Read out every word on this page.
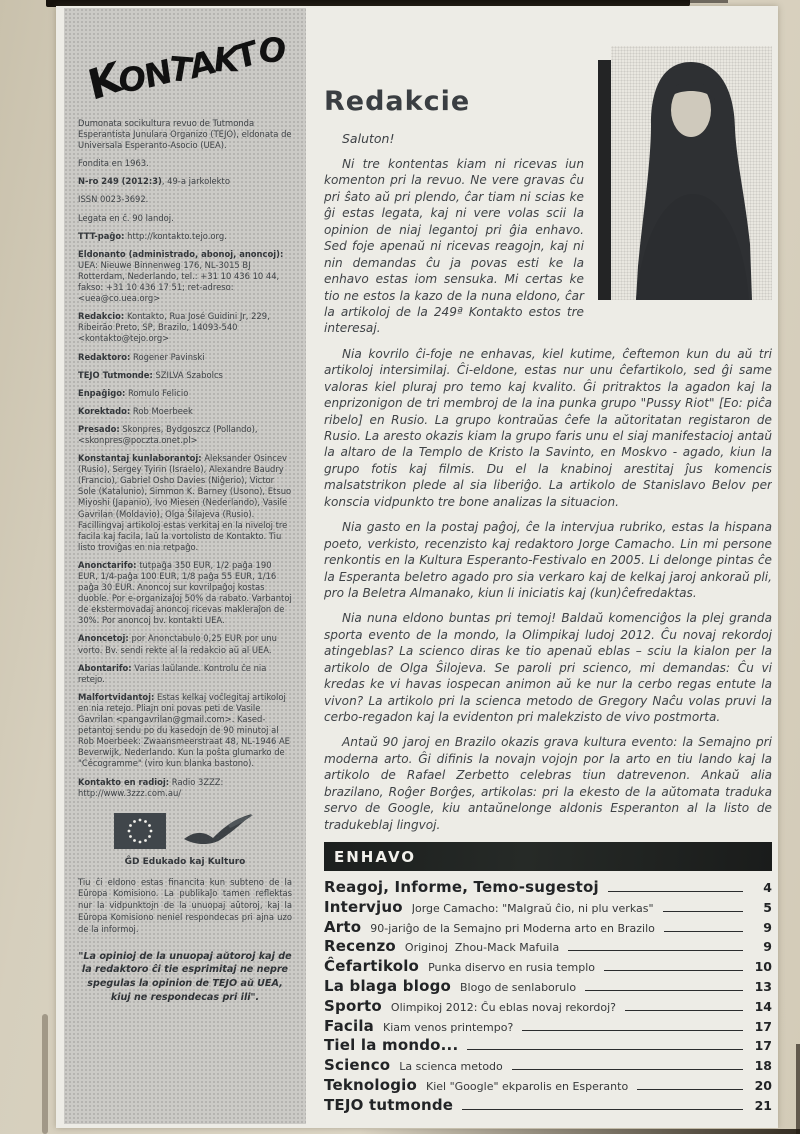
KONTAKTO

Dumonata socikultura revuo de Tutmonda Esperantista Junulara Organizo (TEJO), eldonata de Universala Esperanto-Asocio (UEA).

Fondita en 1963.

N-ro 249 (2012:3), 49-a jarkolekto

ISSN 0023-3692.

Legata en ĉ. 90 landoj.

TTT-paĝo: http://kontakto.tejo.org.

Eldonanto (administrado, abonoj, anoncoj): UEA: Nieuwe Binnenweg 176, NL-3015 BJ Rotterdam, Nederlando, tel.: +31 10 436 10 44, fakso: +31 10 436 17 51; ret-adreso: <uea@co.uea.org>

Redakcio: Kontakto, Rua José Guidini Jr, 229, Ribeirão Preto, SP, Brazilo, 14093-540 <kontakto@tejo.org>

Redaktoro: Rogener Pavinski

TEJO Tutmonde: SZILVA Szabolcs

Enpaĝigo: Romulo Felicio

Korektado: Rob Moerbeek

Presado: Skonpres, Bydgoszcz (Pollando), <skonpres@poczta.onet.pl>

Konstantaj kunlaborantoj: Aleksander Osincev (Rusio), Sergey Tyirin (Israelo), Alexandre Baudry (Francio), Gabriel Osho Davies (Niĝerio), Victor Sole (Katalunio), Simmon K. Barney (Usono), Etsuo Miyoshi (Japanio), Ivo Miesen (Nederlando), Vasile Gavrilan (Moldavio), Olga Ŝilajeva (Rusio). Facillingvaj artikoloj estas verkitaj en la niveloj tre facila kaj facila, laŭ la vortolisto de Kontakto. Tiu listo troviĝas en nia retpaĝo.

Anonctarifo: tutpaĝa 350 EUR, 1/2 paĝa 190 EUR, 1/4-paĝa 100 EUR, 1/8 paĝa 55 EUR, 1/16 paĝa 30 EUR. Anoncoj sur kovrilpaĝoj kostas duoble. Por e-organizaĵoj 50% da rabato. Varbantoj de ekstermovadaj anoncoj ricevas makleraĵon de 30%. Por anoncoj bv. kontakti UEA.

Anoncetoj: por Anonctabulo 0,25 EUR por unu vorto. Bv. sendi rekte al la redakcio aŭ al UEA.

Abontarifo: Varias laŭlande. Kontrolu ĉe nia retejo.

Malfortvidantoj: Estas kelkaj voĉlegitaj artikoloj en nia retejo. Pliajn oni povas peti de Vasile Gavrilan <pangavrilan@gmail.com>. Kased-petantoj sendu po du kasedojn de 90 minutoj al Rob Moerbeek: Zwaansmeerstraat 48, NL-1946 AE Beverwijk, Nederlando. Kun la poŝta glumarko de "Cécogramme" (viro kun blanka bastono).

Kontakto en radioj: Radio 3ZZZ: http://www.3zzz.com.au/

ĜD Edukado kaj Kulturo

Tiu ĉi eldono estas financita kun subteno de la Eŭropa Komisiono. La publikaĵo tamen reflektas nur la vidpunktojn de la unuopaj aŭtoroj, kaj la Eŭropa Komisiono neniel respondecas pri ajna uzo de la informoj.

"La opinioj de la unuopaj aŭtoroj kaj de la redaktoro ĉi tie esprimitaj ne nepre spegulas la opinion de TEJO aŭ UEA, kiuj ne respondecas pri ili".

Redakcie

Saluton!

Ni tre kontentas kiam ni ricevas iun komenton pri la revuo. Ne vere gravas ĉu pri ŝato aŭ pri plendo, ĉar tiam ni scias ke ĝi estas legata, kaj ni vere volas scii la opinion de niaj legantoj pri ĝia enhavo. Sed foje apenaŭ ni ricevas reagojn, kaj ni nin demandas ĉu ja povas esti ke la enhavo estas iom sensuka. Mi certas ke tio ne estos la kazo de la nuna eldono, ĉar la artikoloj de la 249ª Kontakto estos tre interesaj.

Nia kovrilo ĉi-foje ne enhavas, kiel kutime, ĉeftemon kun du aŭ tri artikoloj intersimilaj. Ĉi-eldone, estas nur unu ĉefartikolo, sed ĝi same valoras kiel pluraj pro temo kaj kvalito. Ĝi pritraktos la agadon kaj la enprizonigon de tri membroj de la ina punka grupo "Pussy Riot" [Eo: piĉa ribelo] en Rusio. La grupo kontraŭas ĉefe la aŭtoritatan registaron de Rusio. La aresto okazis kiam la grupo faris unu el siaj manifestacioj antaŭ la altaro de la Templo de Kristo la Savinto, en Moskvo - agado, kiun la grupo fotis kaj filmis. Du el la knabinoj arestitaj ĵus komencis malsatstrikon plede al sia liberiĝo. La artikolo de Stanislavo Belov per konscia vidpunkto tre bone analizas la situacion.

Nia gasto en la postaj paĝoj, ĉe la intervjua rubriko, estas la hispana poeto, verkisto, recenzisto kaj redaktoro Jorge Camacho. Lin mi persone renkontis en la Kultura Esperanto-Festivalo en 2005. Li delonge pintas ĉe la Esperanta beletro agado pro sia verkaro kaj de kelkaj jaroj ankoraŭ pli, pro la Beletra Almanako, kiun li iniciatis kaj (kun)ĉefredaktas.

Nia nuna eldono buntas pri temoj! Baldaŭ komenciĝos la plej granda sporta evento de la mondo, la Olimpikaj ludoj 2012. Ĉu novaj rekordoj atingeblas? La scienco diras ke tio apenaŭ eblas – sciu la kialon per la artikolo de Olga Ŝilojeva. Se paroli pri scienco, mi demandas: Ĉu vi kredas ke vi havas iospecan animon aŭ ke nur la cerbo regas entute la vivon? La artikolo pri la scienca metodo de Gregory Naĉu volas pruvi la cerbo-regadon kaj la evidenton pri malekzisto de vivo postmorta.

Antaŭ 90 jaroj en Brazilo okazis grava kultura evento: la Semajno pri moderna arto. Ĝi difinis la novajn vojojn por la arto en tiu lando kaj la artikolo de Rafael Zerbetto celebras tiun datrevenon. Ankaŭ alia brazilano, Roĝer Borĝes, artikolas: pri la ekesto de la aŭtomata traduka servo de Google, kiu antaŭnelonge aldonis Esperanton al la listo de tradukeblaj lingvoj.

ENHAVO
Reagoj, Informe, Temo-sugestoj	4
Intervjuo Jorge Camacho: "Malgraŭ ĉio, ni plu verkas"	5
Arto 90-jariĝo de la Semajno pri Moderna arto en Brazilo	9
Recenzo Originoj  Zhou-Mack Mafuila	9
Ĉefartikolo Punka diservo en rusia templo	10
La blaga blogo Blogo de senlaborulo	13
Sporto Olimpikoj 2012: Ĉu eblas novaj rekordoj?	14
Facila Kiam venos printempo?	17
Tiel la mondo...	17
Scienco La scienca metodo	18
Teknologio Kiel "Google" ekparolis en Esperanto	20
TEJO tutmonde	21
